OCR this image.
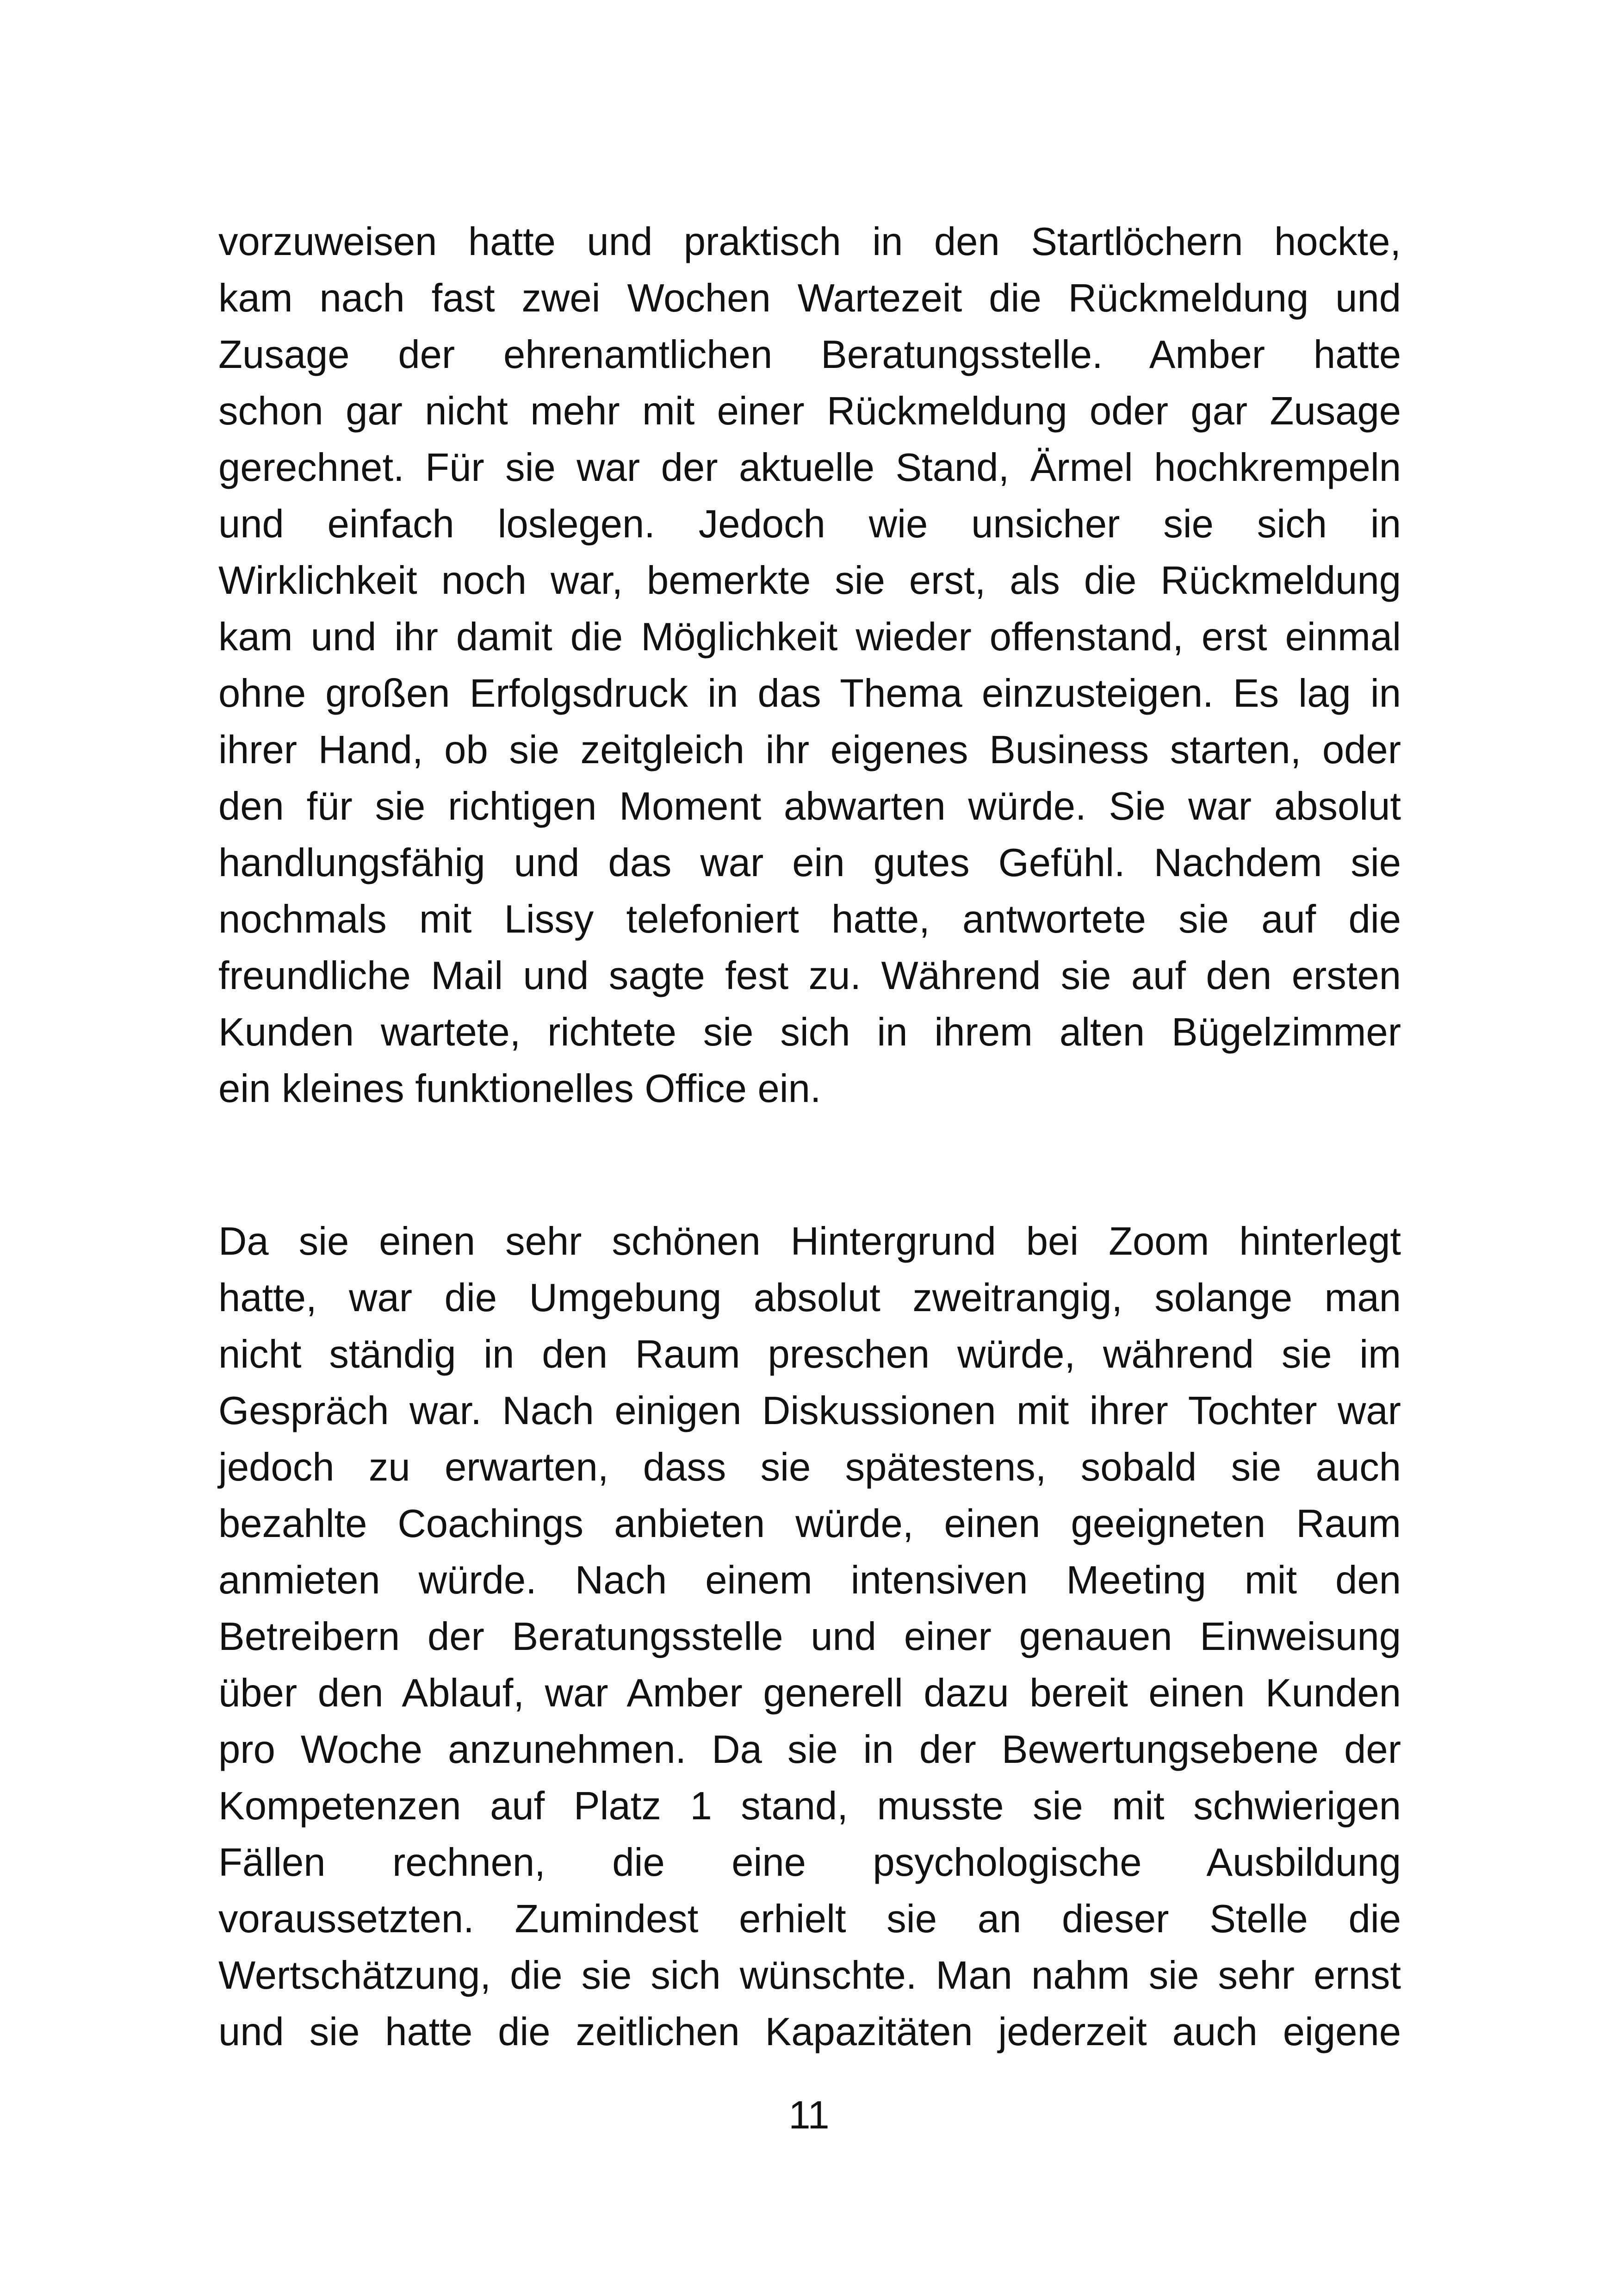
vorzuweisen hatte und praktisch in den Startlöchern hockte,
kam nach fast zwei Wochen Wartezeit die Rückmeldung und
Zusage der ehrenamtlichen Beratungsstelle. Amber hatte
schon gar nicht mehr mit einer Rückmeldung oder gar Zusage
gerechnet. Für sie war der aktuelle Stand, Ärmel hochkrempeln
und einfach loslegen. Jedoch wie unsicher sie sich in
Wirklichkeit noch war, bemerkte sie erst, als die Rückmeldung
kam und ihr damit die Möglichkeit wieder offenstand, erst einmal
ohne großen Erfolgsdruck in das Thema einzusteigen. Es lag in
ihrer Hand, ob sie zeitgleich ihr eigenes Business starten, oder
den für sie richtigen Moment abwarten würde. Sie war absolut
handlungsfähig und das war ein gutes Gefühl. Nachdem sie
nochmals mit Lissy telefoniert hatte, antwortete sie auf die
freundliche Mail und sagte fest zu. Während sie auf den ersten
Kunden wartete, richtete sie sich in ihrem alten Bügelzimmer
ein kleines funktionelles Office ein.
Da sie einen sehr schönen Hintergrund bei Zoom hinterlegt
hatte, war die Umgebung absolut zweitrangig, solange man
nicht ständig in den Raum preschen würde, während sie im
Gespräch war. Nach einigen Diskussionen mit ihrer Tochter war
jedoch zu erwarten, dass sie spätestens, sobald sie auch
bezahlte Coachings anbieten würde, einen geeigneten Raum
anmieten würde. Nach einem intensiven Meeting mit den
Betreibern der Beratungsstelle und einer genauen Einweisung
über den Ablauf, war Amber generell dazu bereit einen Kunden
pro Woche anzunehmen. Da sie in der Bewertungsebene der
Kompetenzen auf Platz 1 stand, musste sie mit schwierigen
Fällen rechnen, die eine psychologische Ausbildung
voraussetzten. Zumindest erhielt sie an dieser Stelle die
Wertschätzung, die sie sich wünschte. Man nahm sie sehr ernst
und sie hatte die zeitlichen Kapazitäten jederzeit auch eigene
11
